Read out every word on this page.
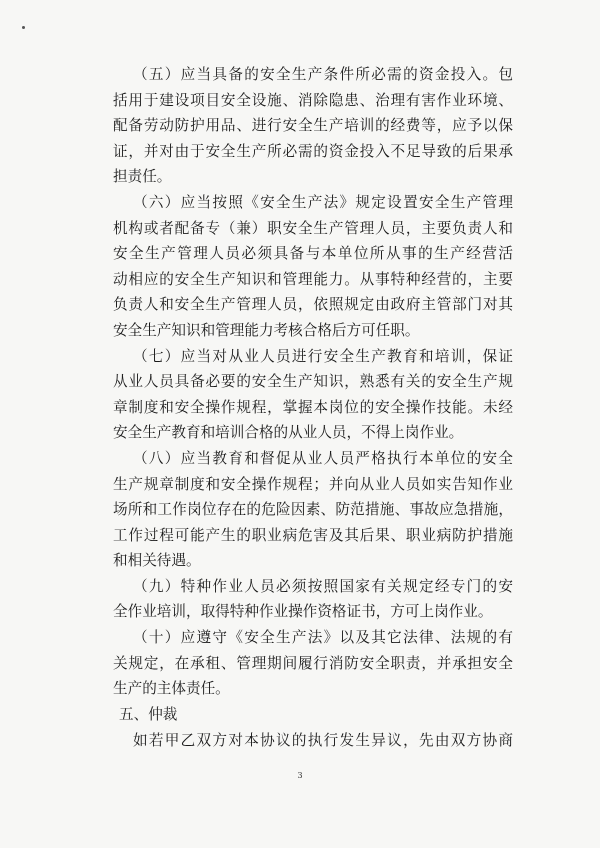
（五）应当具备的安全生产条件所必需的资金投入。包
括用于建设项目安全设施、消除隐患、治理有害作业环境、
配备劳动防护用品、进行安全生产培训的经费等，应予以保
证，并对由于安全生产所必需的资金投入不足导致的后果承
担责任。
（六）应当按照《安全生产法》规定设置安全生产管理
机构或者配备专（兼）职安全生产管理人员，主要负责人和
安全生产管理人员必须具备与本单位所从事的生产经营活
动相应的安全生产知识和管理能力。从事特种经营的，主要
负责人和安全生产管理人员，依照规定由政府主管部门对其
安全生产知识和管理能力考核合格后方可任职。
（七）应当对从业人员进行安全生产教育和培训，保证
从业人员具备必要的安全生产知识，熟悉有关的安全生产规
章制度和安全操作规程，掌握本岗位的安全操作技能。未经
安全生产教育和培训合格的从业人员，不得上岗作业。
（八）应当教育和督促从业人员严格执行本单位的安全
生产规章制度和安全操作规程；并向从业人员如实告知作业
场所和工作岗位存在的危险因素、防范措施、事故应急措施，
工作过程可能产生的职业病危害及其后果、职业病防护措施
和相关待遇。
（九）特种作业人员必须按照国家有关规定经专门的安
全作业培训，取得特种作业操作资格证书，方可上岗作业。
（十）应遵守《安全生产法》以及其它法律、法规的有
关规定，在承租、管理期间履行消防安全职责，并承担安全
生产的主体责任。
五、仲裁
如若甲乙双方对本协议的执行发生异议，先由双方协商
3
